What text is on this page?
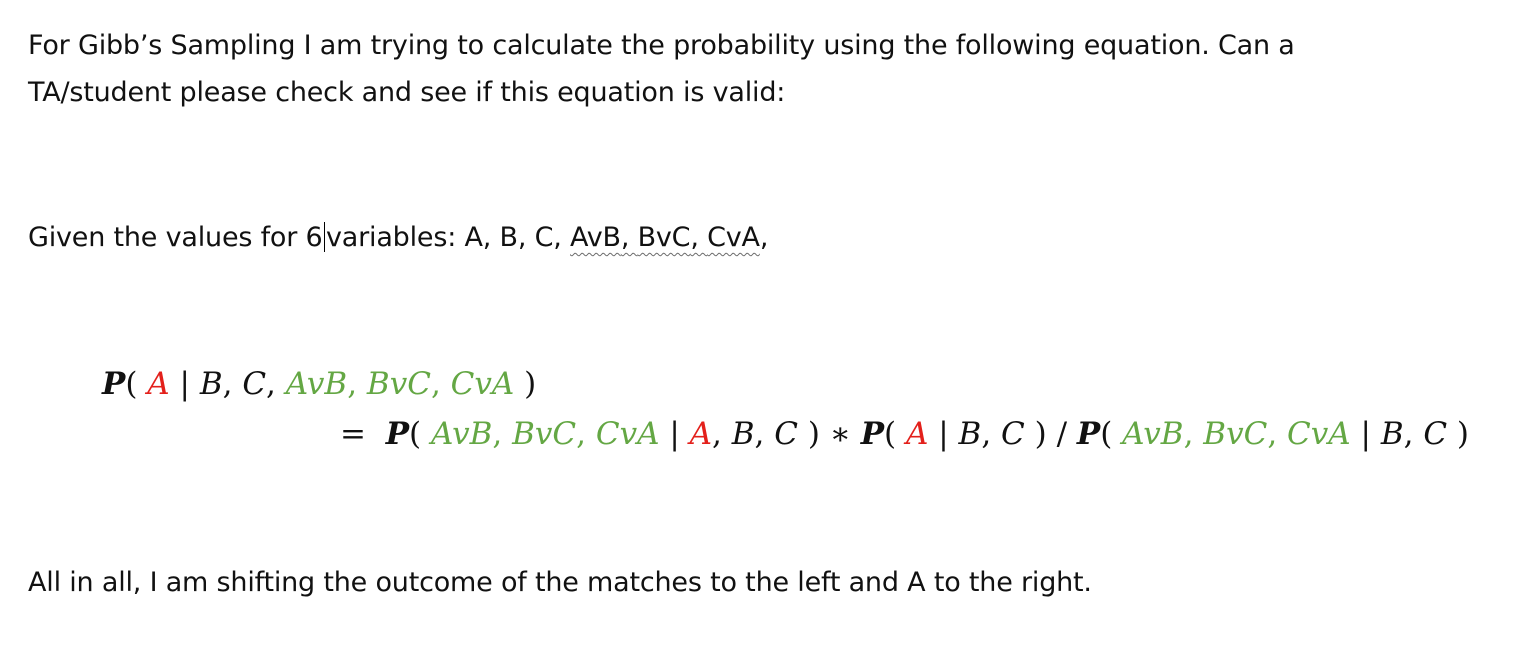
For Gibb’s Sampling I am trying to calculate the probability using the following equation. Can a
TA/student please check and see if this equation is valid:
Given the values for 6 variables: A, B, C, AvB, BvC, CvA,
P( A | B, C, AvB, BvC, CvA )
= P( AvB, BvC, CvA | A, B, C ) ∗ P( A | B, C ) / P( AvB, BvC, CvA | B, C )
All in all, I am shifting the outcome of the matches to the left and A to the right.
